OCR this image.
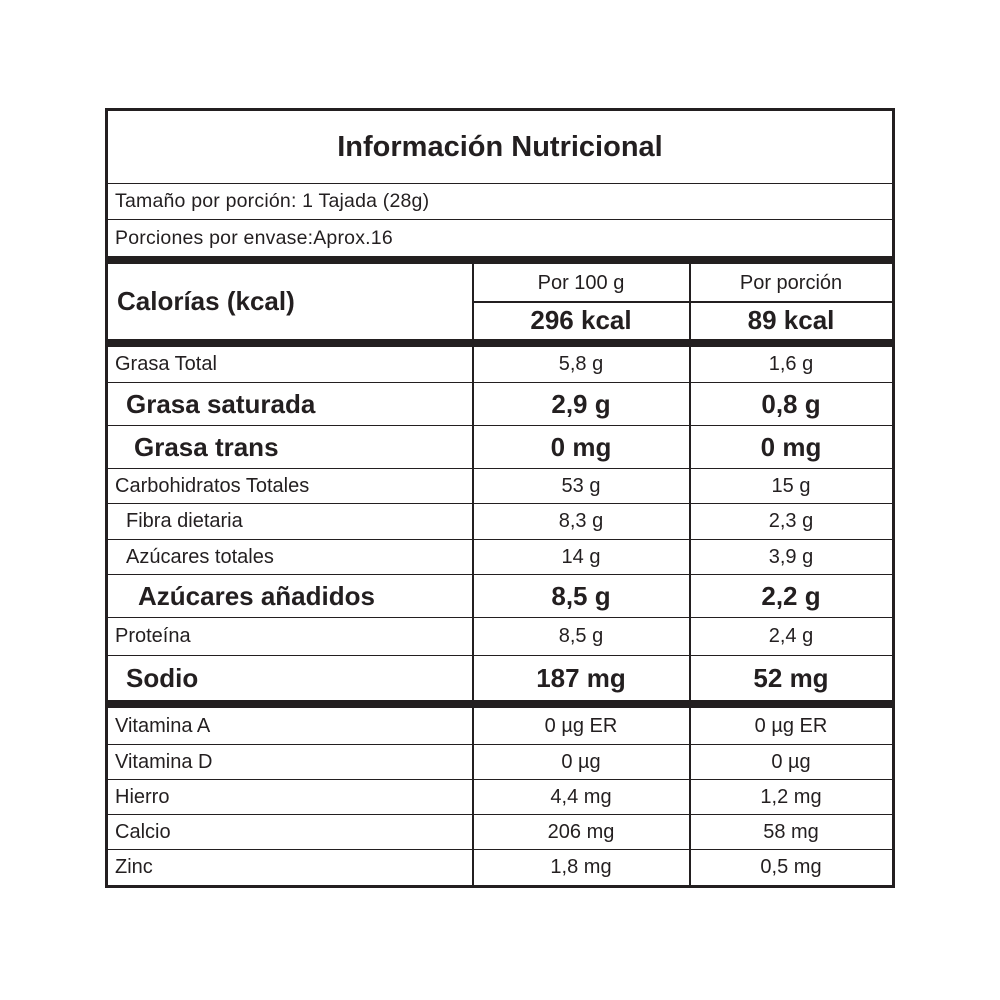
Información Nutricional
Tamaño por porción: 1 Tajada (28g)
Porciones por envase:Aprox.16
Calorías (kcal)
Por 100 g	Por porción
296 kcal	89 kcal
Grasa Total	5,8 g	1,6 g
Grasa saturada	2,9 g	0,8 g
Grasa trans	0 mg	0 mg
Carbohidratos Totales	53 g	15 g
Fibra dietaria	8,3 g	2,3 g
Azúcares totales	14 g	3,9 g
Azúcares añadidos	8,5 g	2,2 g
Proteína	8,5 g	2,4 g
Sodio	187 mg	52 mg
Vitamina A	0 µg ER	0 µg ER
Vitamina D	0 µg	0 µg
Hierro	4,4 mg	1,2 mg
Calcio	206 mg	58 mg
Zinc	1,8 mg	0,5 mg
